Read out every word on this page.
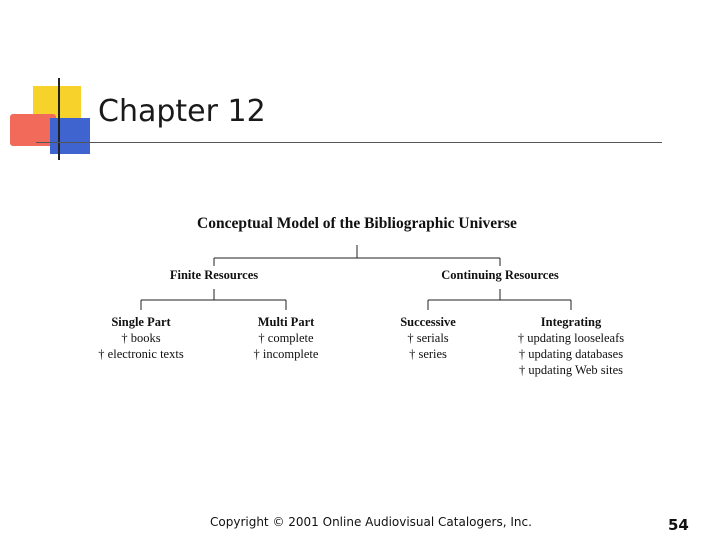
Chapter 12
Conceptual Model of the Bibliographic Universe
Finite Resources	Continuing Resources
Single Part	Multi Part	Successive	Integrating
† books
† electronic texts
† complete
† incomplete
† serials
† series
† updating looseleafs
† updating databases
† updating Web sites
Copyright © 2001 Online Audiovisual Catalogers, Inc.	54
